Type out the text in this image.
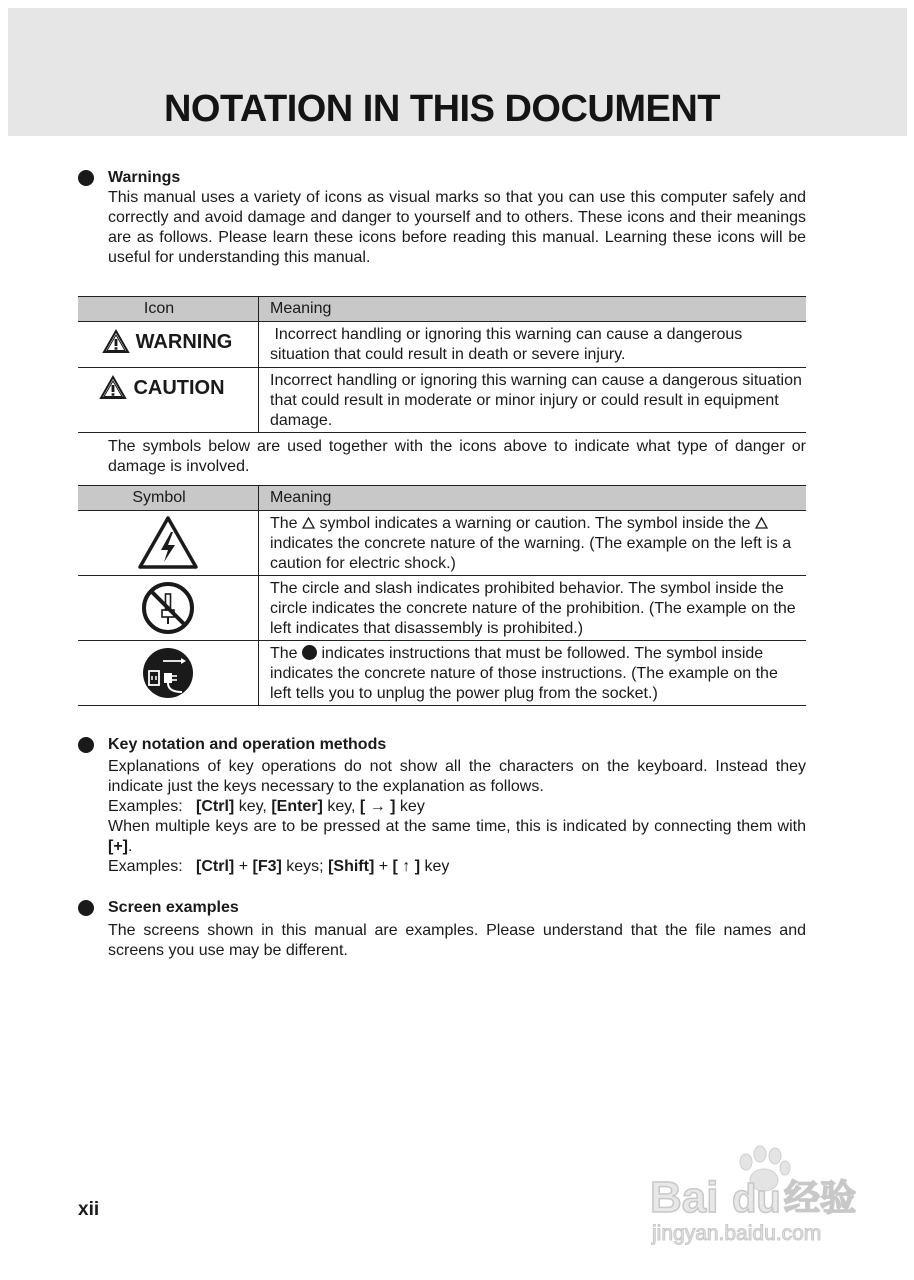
NOTATION IN THIS DOCUMENT
Warnings
This manual uses a variety of icons as visual marks so that you can use this computer safely and correctly and avoid damage and danger to yourself and to others. These icons and their meanings are as follows. Please learn these icons before reading this manual. Learning these icons will be useful for understanding this manual.
Icon	Meaning

WARNING	Incorrect handling or ignoring this warning can cause a dangerous situation that could result in death or severe injury.

CAUTION	Incorrect handling or ignoring this warning can cause a dangerous situation that could result in moderate or minor injury or could result in equipment damage.
The symbols below are used together with the icons above to indicate what type of danger or damage is involved.
Symbol	Meaning

	The  symbol indicates a warning or caution. The symbol inside the  indicates the concrete nature of the warning. (The example on the left is a caution for electric shock.)

	The circle and slash indicates prohibited behavior. The symbol inside the circle indicates the concrete nature of the prohibition. (The example on the left indicates that disassembly is prohibited.)

	The  indicates instructions that must be followed. The symbol inside indicates the concrete nature of those instructions. (The example on the left tells you to unplug the power plug from the socket.)
Key notation and operation methods
Explanations of key operations do not show all the characters on the keyboard. Instead they indicate just the keys necessary to the explanation as follows.
Examples: [Ctrl] key, [Enter] key, [ → ] key
When multiple keys are to be pressed at the same time, this is indicated by connecting them with [+].
Examples: [Ctrl] + [F3] keys; [Shift] + [ ↑ ] key
Screen examples
The screens shown in this manual are examples. Please understand that the file names and screens you use may be different.
xii	Bai du 经验
jingyan.baidu.com
